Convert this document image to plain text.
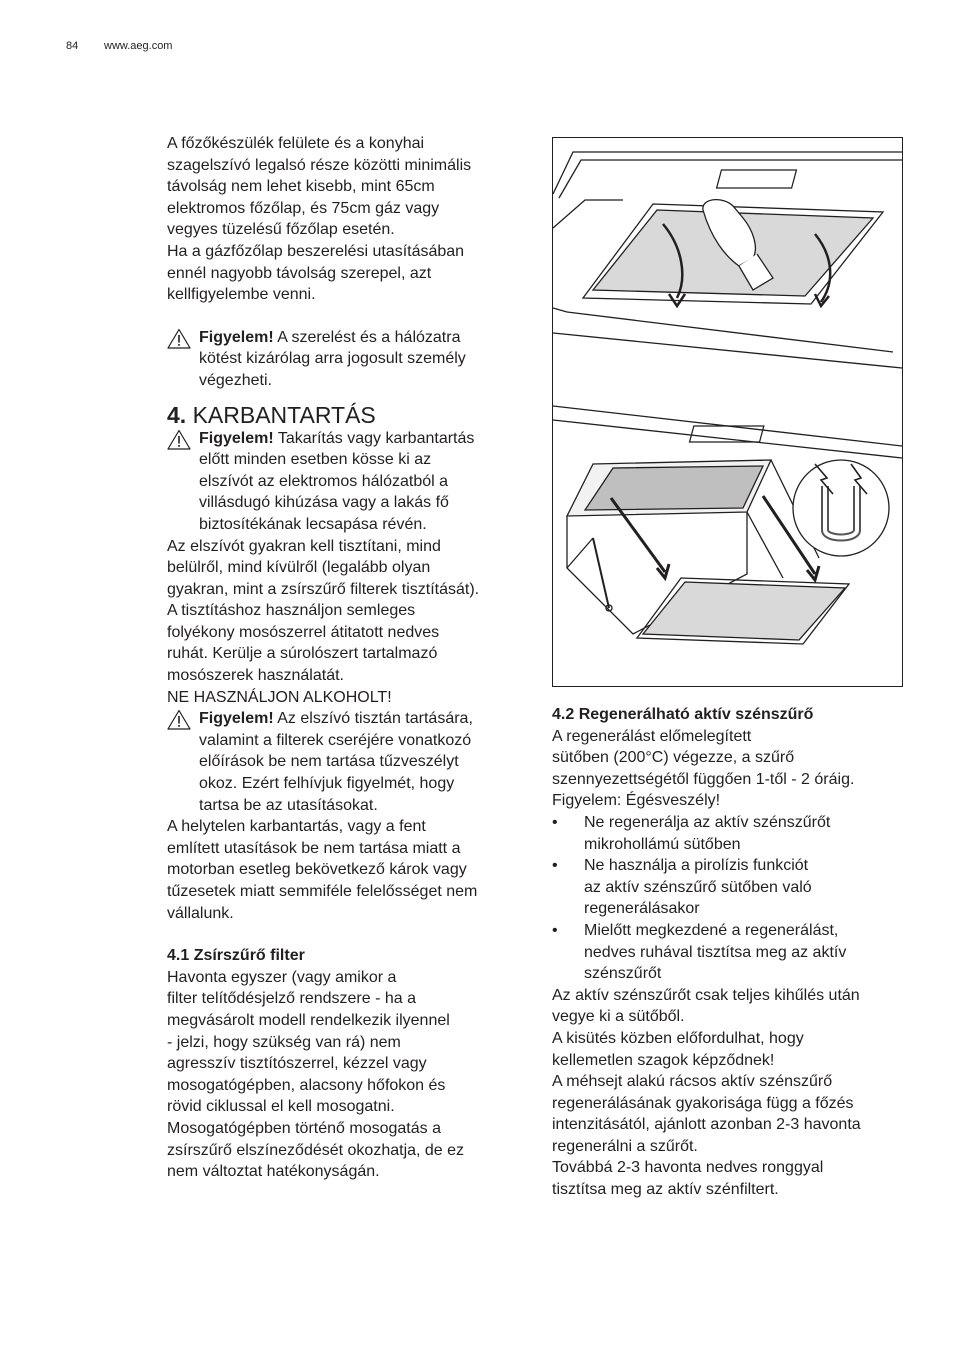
84 www.aeg.com

A főzőkészülék felülete és a konyhai

szagelszívó legalsó része közötti minimális

távolság nem lehet kisebb, mint 65cm

elektromos főzőlap, és 75cm gáz vagy

vegyes tüzelésű főzőlap esetén.

Ha a gázfőzőlap beszerelési utasításában

ennél nagyobb távolság szerepel, azt

kellfigyelembe venni.

Figyelem! A szerelést és a hálózatra

kötést kizárólag arra jogosult személy

végezheti.

4. KARBANTARTÁS

Figyelem! Takarítás vagy karbantartás

előtt minden esetben kösse ki az

elszívót az elektromos hálózatból a

villásdugó kihúzása vagy a lakás fő

biztosítékának lecsapása révén.

Az elszívót gyakran kell tisztítani, mind

belülről, mind kívülről (legalább olyan

gyakran, mint a zsírszűrő filterek tisztítását).

A tisztításhoz használjon semleges

folyékony mosószerrel átitatott nedves

ruhát. Kerülje a súrolószert tartalmazó

mosószerek használatát.

NE HASZNÁLJON ALKOHOLT!

Figyelem! Az elszívó tisztán tartására,

valamint a filterek cseréjére vonatkozó

előírások be nem tartása tűzveszélyt

okoz. Ezért felhívjuk figyelmét, hogy

tartsa be az utasításokat.

A helytelen karbantartás, vagy a fent

említett utasítások be nem tartása miatt a

motorban esetleg bekövetkező károk vagy

tűzesetek miatt semmiféle felelősséget nem

vállalunk.

4.1 Zsírszűrő filter

Havonta egyszer (vagy amikor a

filter telítődésjelző rendszere - ha a

megvásárolt modell rendelkezik ilyennel

- jelzi, hogy szükség van rá) nem

agresszív tisztítószerrel, kézzel vagy

mosogatógépben, alacsony hőfokon és

rövid ciklussal el kell mosogatni.

Mosogatógépben történő mosogatás a

zsírszűrő elszíneződését okozhatja, de ez

nem változtat hatékonyságán.

4.2 Regenerálható aktív szénszűrő

A regenerálást előmelegített

sütőben (200°C) végezze, a szűrő

szennyezettségétől függően 1-től - 2 óráig.

Figyelem: Égésveszély!

• Ne regenerálja az aktív szénszűrőt

mikrohollámú sütőben

• Ne használja a pirolízis funkciót

az aktív szénszűrő sütőben való

regenerálásakor

• Mielőtt megkezdené a regenerálást,

nedves ruhával tisztítsa meg az aktív

szénszűrőt

Az aktív szénszűrőt csak teljes kihűlés után

vegye ki a sütőből.

A kisütés közben előfordulhat, hogy

kellemetlen szagok képződnek!

A méhsejt alakú rácsos aktív szénszűrő

regenerálásának gyakorisága függ a főzés

intenzitásától, ajánlott azonban 2-3 havonta

regenerálni a szűrőt.

Továbbá 2-3 havonta nedves ronggyal

tisztítsa meg az aktív szénfiltert.
